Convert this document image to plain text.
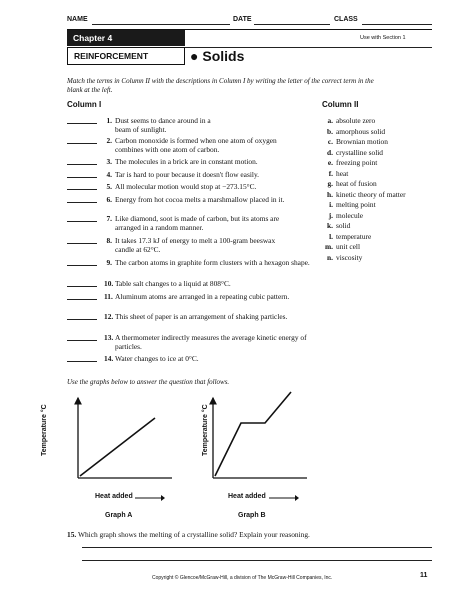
NAME	DATE	CLASS
Chapter 4	Use with Section 1
REINFORCEMENT	● Solids
Match the terms in Column II with the descriptions in Column I by writing the letter of the correct term in the blank at the left.
Column I	Column II
1. Dust seems to dance around in a beam of sunlight.
2. Carbon monoxide is formed when one atom of oxygen combines with one atom of carbon.
3. The molecules in a brick are in constant motion.
4. Tar is hard to pour because it doesn't flow easily.
5. All molecular motion would stop at −273.15°C.
6. Energy from hot cocoa melts a marshmallow placed in it.
7. Like diamond, soot is made of carbon, but its atoms are arranged in a random manner.
8. It takes 17.3 kJ of energy to melt a 100-gram beeswax candle at 62°C.
9. The carbon atoms in graphite form clusters with a hexagon shape.
10. Table salt changes to a liquid at 808°C.
11. Aluminum atoms are arranged in a repeating cubic pattern.
12. This sheet of paper is an arrangement of shaking particles.
13. A thermometer indirectly measures the average kinetic energy of particles.
14. Water changes to ice at 0°C.
a. absolute zero
b. amorphous solid
c. Brownian motion
d. crystalline solid
e. freezing point
f. heat
g. heat of fusion
h. kinetic theory of matter
i. melting point
j. molecule
k. solid
l. temperature
m. unit cell
n. viscosity
Use the graphs below to answer the question that follows.
Temperature °C
Heat added
Graph A
Temperature °C
Heat added
Graph B
15. Which graph shows the melting of a crystalline solid? Explain your reasoning.
Copyright © Glencoe/McGraw-Hill, a division of The McGraw-Hill Companies, Inc.	11
